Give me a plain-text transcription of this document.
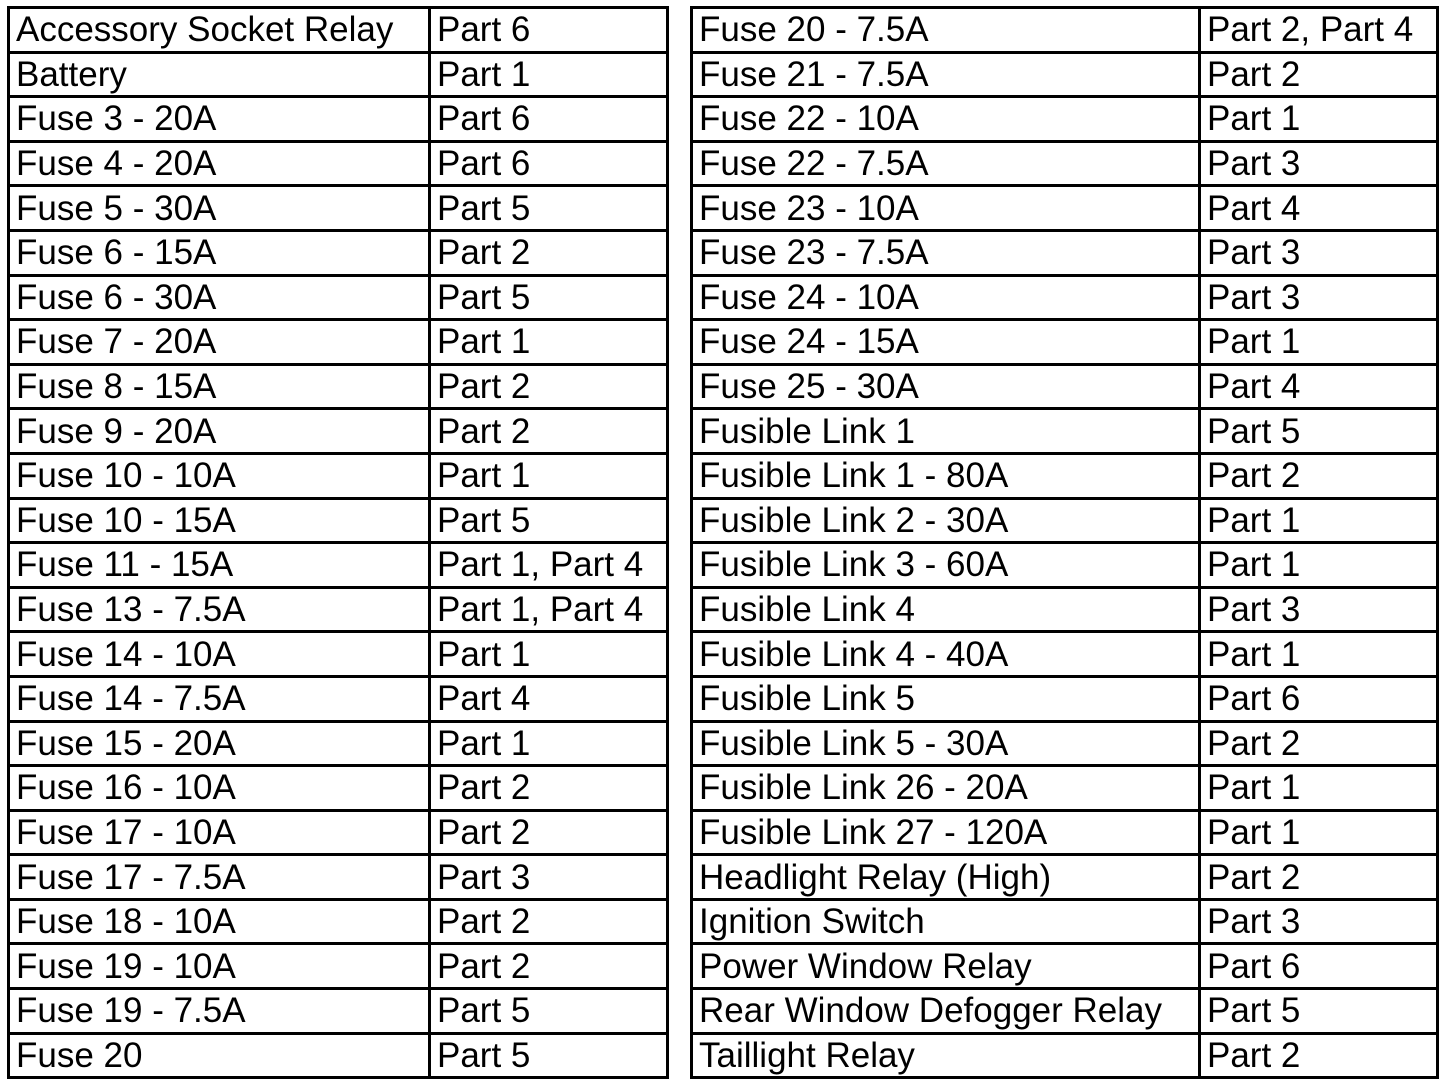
Accessory Socket Relay	Part 6
Battery	Part 1
Fuse 3 - 20A	Part 6
Fuse 4 - 20A	Part 6
Fuse 5 - 30A	Part 5
Fuse 6 - 15A	Part 2
Fuse 6 - 30A	Part 5
Fuse 7 - 20A	Part 1
Fuse 8 - 15A	Part 2
Fuse 9 - 20A	Part 2
Fuse 10 - 10A	Part 1
Fuse 10 - 15A	Part 5
Fuse 11 - 15A	Part 1, Part 4
Fuse 13 - 7.5A	Part 1, Part 4
Fuse 14 - 10A	Part 1
Fuse 14 - 7.5A	Part 4
Fuse 15 - 20A	Part 1
Fuse 16 - 10A	Part 2
Fuse 17 - 10A	Part 2
Fuse 17 - 7.5A	Part 3
Fuse 18 - 10A	Part 2
Fuse 19 - 10A	Part 2
Fuse 19 - 7.5A	Part 5
Fuse 20	Part 5
Fuse 20 - 7.5A	Part 2, Part 4
Fuse 21 - 7.5A	Part 2
Fuse 22 - 10A	Part 1
Fuse 22 - 7.5A	Part 3
Fuse 23 - 10A	Part 4
Fuse 23 - 7.5A	Part 3
Fuse 24 - 10A	Part 3
Fuse 24 - 15A	Part 1
Fuse 25 - 30A	Part 4
Fusible Link 1	Part 5
Fusible Link 1 - 80A	Part 2
Fusible Link 2 - 30A	Part 1
Fusible Link 3 - 60A	Part 1
Fusible Link 4	Part 3
Fusible Link 4 - 40A	Part 1
Fusible Link 5	Part 6
Fusible Link 5 - 30A	Part 2
Fusible Link 26 - 20A	Part 1
Fusible Link 27 - 120A	Part 1
Headlight Relay (High)	Part 2
Ignition Switch	Part 3
Power Window Relay	Part 6
Rear Window Defogger Relay	Part 5
Taillight Relay	Part 2
